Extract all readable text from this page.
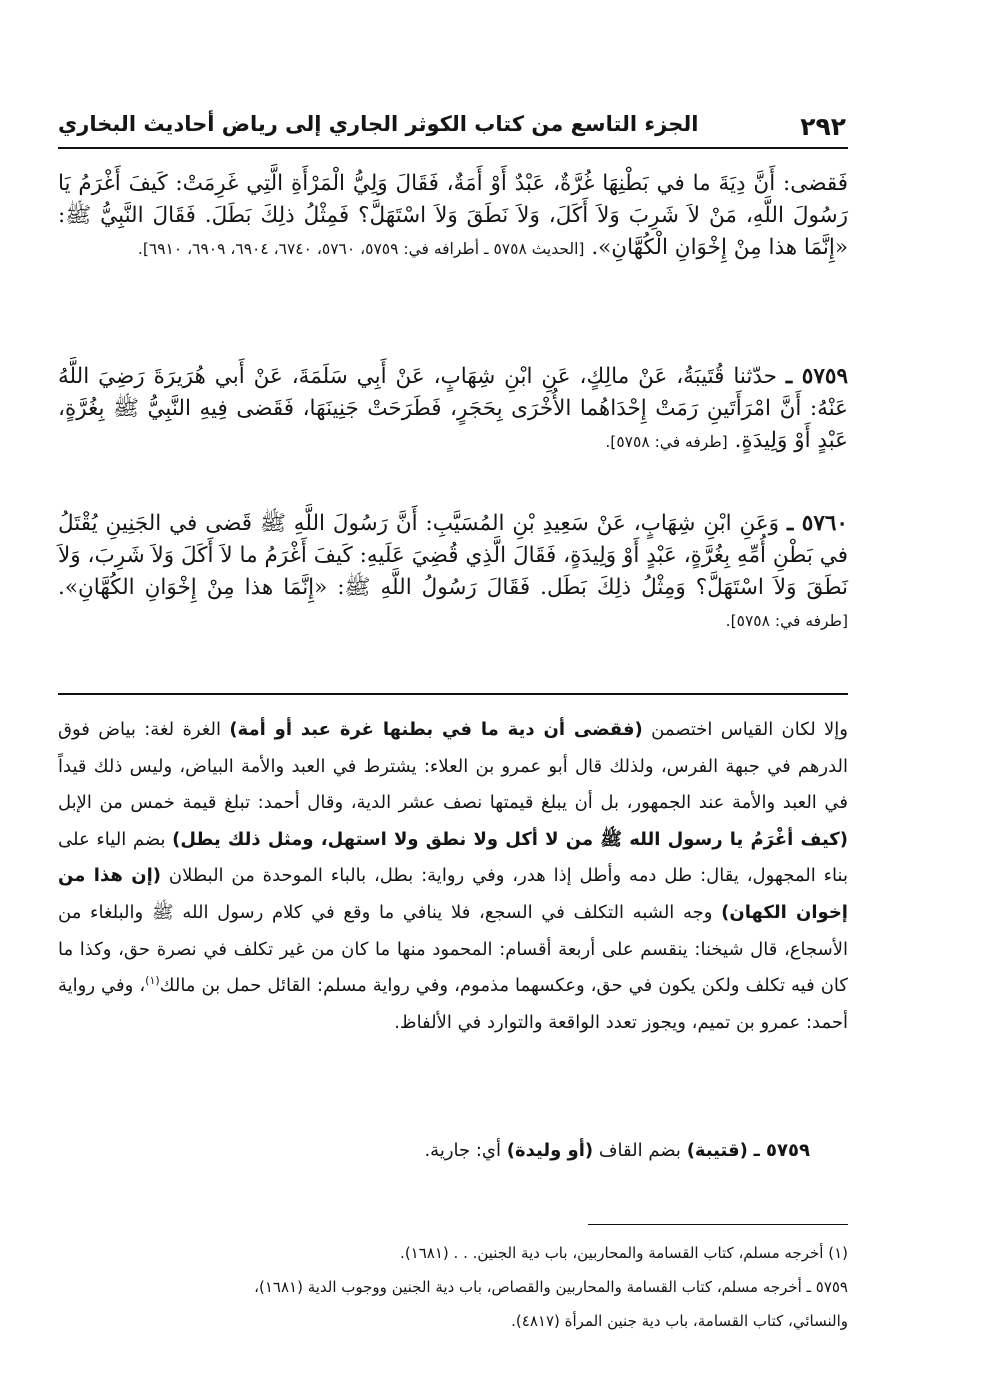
٢٩٢
الجزء التاسع من كتاب الكوثر الجاري إلى رياض أحاديث البخاري

فَقضى: أَنَّ دِيَةَ ما في بَطْنِهَا غُرَّةٌ، عَبْدٌ أَوْ أَمَةٌ، فَقَالَ وَلِيُّ الْمَرْأَةِ الَّتِي غَرِمَتْ: كَيفَ أَغْرَمُ يَا رَسُولَ اللَّهِ، مَنْ لاَ شَرِبَ وَلاَ أَكَلَ، وَلاَ نَطَقَ وَلاَ اسْتَهَلَّ؟ فَمِثْلُ ذلِكَ بَطَلَ. فَقَالَ النَّبِيُّ ﷺ: «إِنَّمَا هذا مِنْ إِخْوَانِ الْكُهَّانِ». [الحديث ٥٧٥٨ ـ أطرافه في: ٥٧٥٩، ٥٧٦٠، ٦٧٤٠، ٦٩٠٤، ٦٩٠٩، ٦٩١٠].

٥٧٥٩ ـ حدّثنا قُتَيبَةُ، عَنْ مالِكٍ، عَنِ ابْنِ شِهَابٍ، عَنْ أَبِي سَلَمَةَ، عَنْ أَبي هُرَيرَةَ رَضِيَ اللَّهُ عَنْهُ: أَنَّ امْرَأَتَينِ رَمَتْ إِحْدَاهُما الأُخْرَى بِحَجَرٍ، فَطَرَحَتْ جَنِينَهَا، فَقَضى فِيهِ النَّبِيُّ ﷺ بِغُرَّةٍ، عَبْدٍ أَوْ وَلِيدَةٍ. [طرفه في: ٥٧٥٨].

٥٧٦٠ ـ وَعَنِ ابْنِ شِهَابٍ، عَنْ سَعِيدِ بْنِ المُسَيَّبِ: أَنَّ رَسُولَ اللَّهِ ﷺ قَضى في الجَنِينِ يُقْتَلُ في بَطْنِ أُمِّهِ بِغُرَّةٍ، عَبْدٍ أَوْ وَلِيدَةٍ، فَقَالَ الَّذِي قُضِيَ عَلَيهِ: كَيفَ أَغْرَمُ ما لاَ أَكَلَ وَلاَ شَرِبَ، وَلاَ نَطَقَ وَلاَ اسْتَهَلَّ؟ وَمِثْلُ ذلِكَ بَطَل. فَقَالَ رَسُولُ اللَّهِ ﷺ: «إِنَّمَا هذا مِنْ إِخْوَانِ الكُهَّانِ». [طرفه في: ٥٧٥٨].

وإلا لكان القياس اختصمن (فقضى أن دية ما في بطنها غرة عبد أو أمة) الغرة لغة: بياض فوق الدرهم في جبهة الفرس، ولذلك قال أبو عمرو بن العلاء: يشترط في العبد والأمة البياض، وليس ذلك قيداً في العبد والأمة عند الجمهور، بل أن يبلغ قيمتها نصف عشر الدية، وقال أحمد: تبلغ قيمة خمس من الإبل (كيف أغْرَمُ يا رسول الله ﷺ من لا أكل ولا نطق ولا استهل، ومثل ذلك يطل) بضم الياء على بناء المجهول، يقال: طل دمه وأطل إذا هدر، وفي رواية: بطل، بالباء الموحدة من البطلان (إن هذا من إخوان الكهان) وجه الشبه التكلف في السجع، فلا ينافي ما وقع في كلام رسول الله ﷺ والبلغاء من الأسجاع، قال شيخنا: ينقسم على أربعة أقسام: المحمود منها ما كان من غير تكلف في نصرة حق، وكذا ما كان فيه تكلف ولكن يكون في حق، وعكسهما مذموم، وفي رواية مسلم: القائل حمل بن مالك$^{(١)}$، وفي رواية أحمد: عمرو بن تميم، ويجوز تعدد الواقعة والتوارد في الألفاظ.

٥٧٥٩ ـ (قتيبة) بضم القاف (أو وليدة) أي: جارية.

(١) أخرجه مسلم، كتاب القسامة والمحاربين، باب دية الجنين. . . (١٦٨١).

٥٧٥٩ ـ أخرجه مسلم، كتاب القسامة والمحاربين والقصاص، باب دية الجنين ووجوب الدية (١٦٨١)،

والنسائي، كتاب القسامة، باب دية جنين المرأة (٤٨١٧).
